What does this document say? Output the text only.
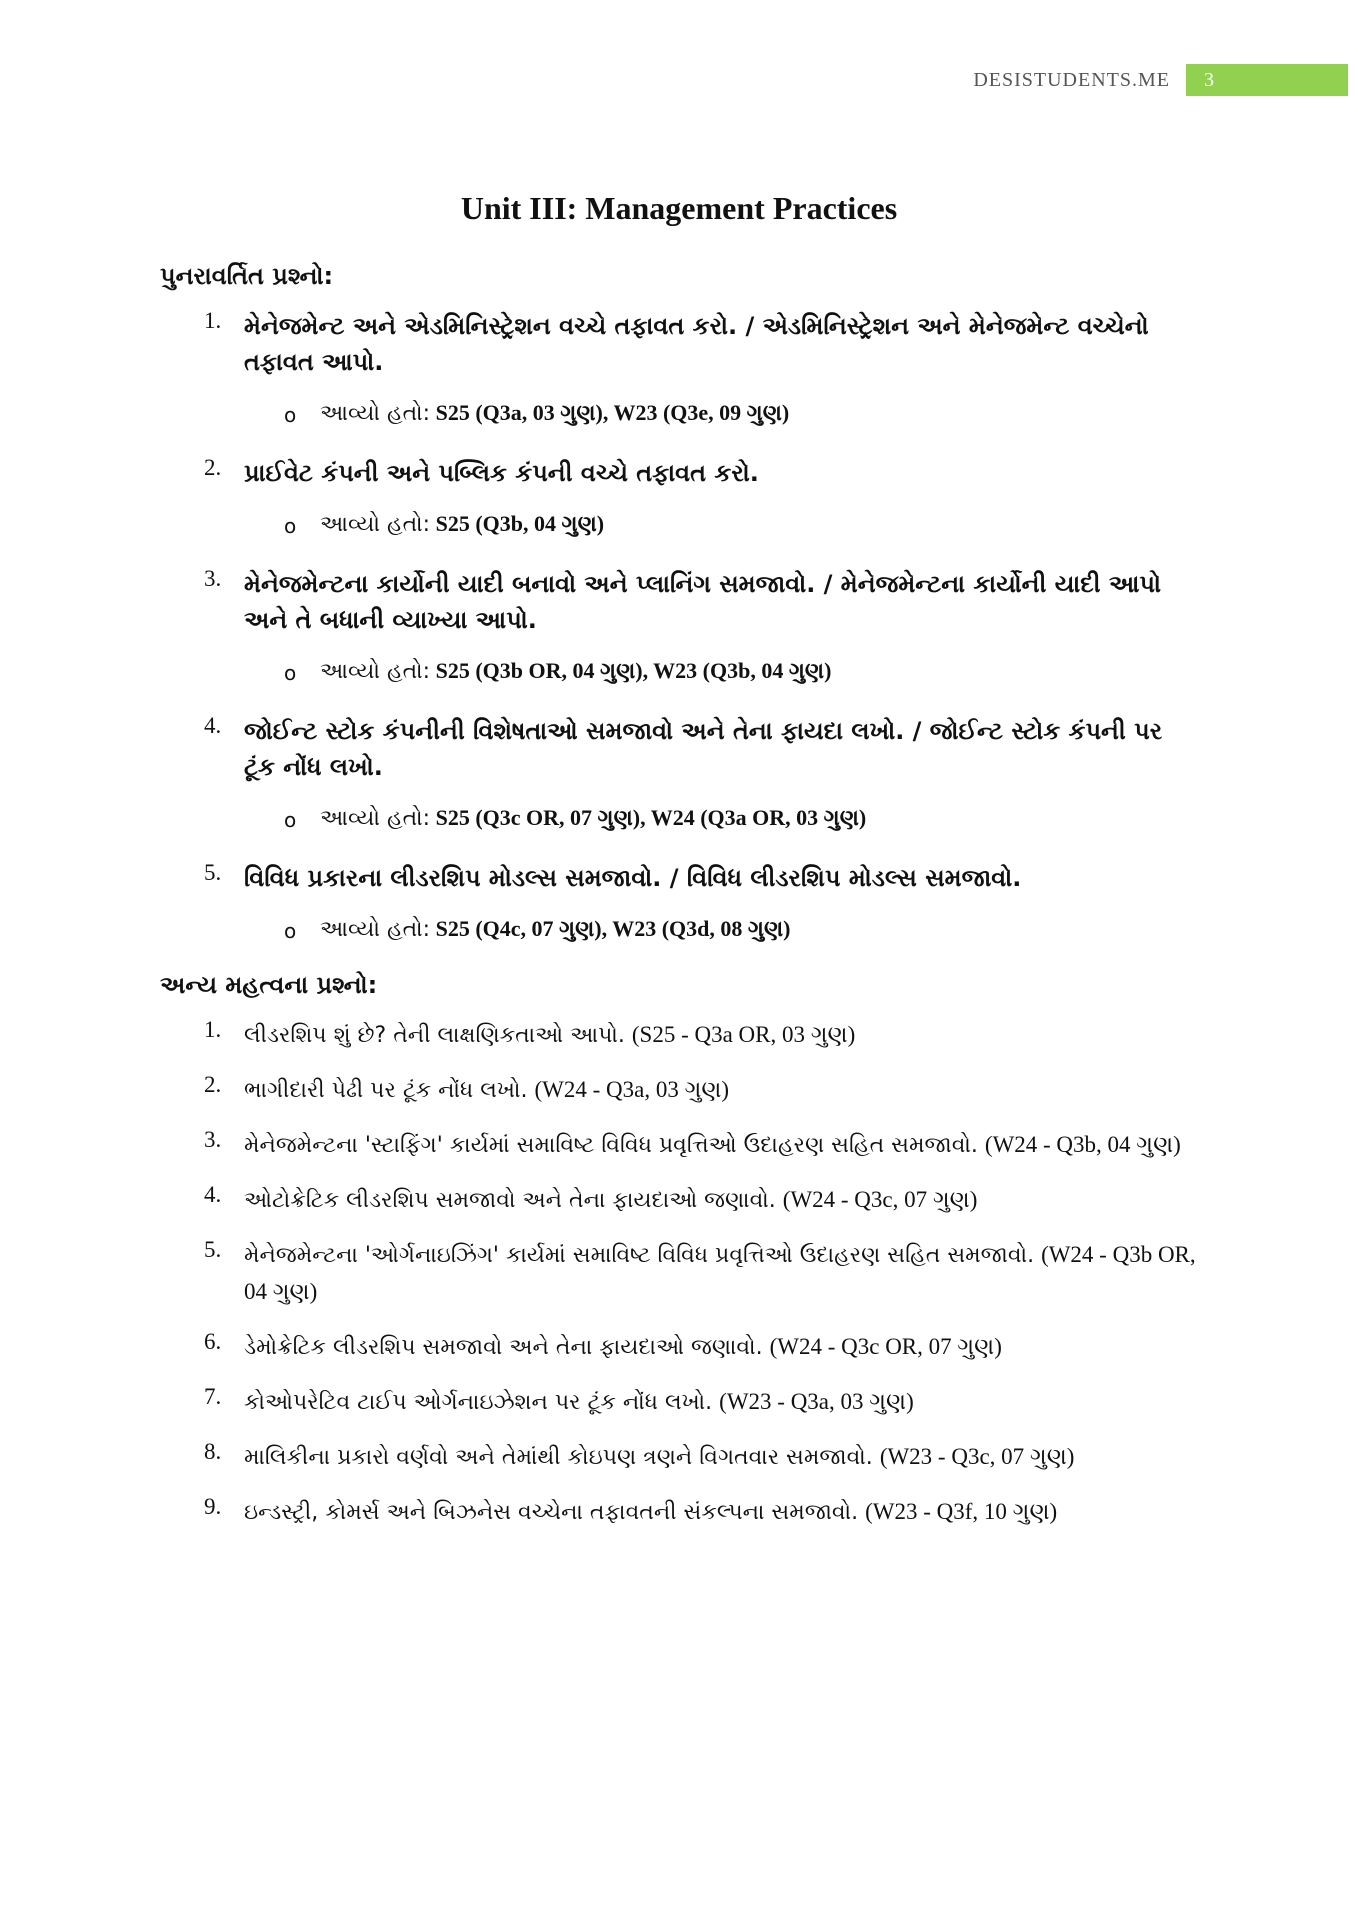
DESISTUDENTS.ME	3
Unit III: Management Practices
પુનરાવર્તિત પ્રશ્નો:
1. મેનેજમેન્ટ અને એડમિનિસ્ટ્રેશન વચ્ચે તફાવત કરો. / એડમિનિસ્ટ્રેશન અને મેનેજમેન્ટ વચ્ચેનો તફાવત આપો.
o આવ્યો હતો: S25 (Q3a, 03 ગુણ), W23 (Q3e, 09 ગુણ)
2. પ્રાઈવેટ કંપની અને પબ્લિક કંપની વચ્ચે તફાવત કરો.
o આવ્યો હતો: S25 (Q3b, 04 ગુણ)
3. મેનેજમેન્ટના કાર્યોની યાદી બનાવો અને પ્લાનિંગ સમજાવો. / મેનેજમેન્ટના કાર્યોની યાદી આપો અને તે બધાની વ્યાખ્યા આપો.
o આવ્યો હતો: S25 (Q3b OR, 04 ગુણ), W23 (Q3b, 04 ગુણ)
4. જોઈન્ટ સ્ટોક કંપનીની વિશેષતાઓ સમજાવો અને તેના ફાયદા લખો. / જોઈન્ટ સ્ટોક કંપની પર ટૂંક નોંધ લખો.
o આવ્યો હતો: S25 (Q3c OR, 07 ગુણ), W24 (Q3a OR, 03 ગુણ)
5. વિવિધ પ્રકારના લીડરશિપ મોડલ્સ સમજાવો. / વિવિધ લીડરશિપ મોડલ્સ સમજાવો.
o આવ્યો હતો: S25 (Q4c, 07 ગુણ), W23 (Q3d, 08 ગુણ)
અન્ય મહત્વના પ્રશ્નો:
1. લીડરશિપ શું છે? તેની લાક્ષણિકતાઓ આપો. (S25 - Q3a OR, 03 ગુણ)
2. ભાગીદારી પેઢી પર ટૂંક નોંધ લખો. (W24 - Q3a, 03 ગુણ)
3. મેનેજમેન્ટના 'સ્ટાફિંગ' કાર્યમાં સમાવિષ્ટ વિવિધ પ્રવૃત્તિઓ ઉદાહરણ સહિત સમજાવો. (W24 - Q3b, 04 ગુણ)
4. ઓટોક્રેટિક લીડરશિપ સમજાવો અને તેના ફાયદાઓ જણાવો. (W24 - Q3c, 07 ગુણ)
5. મેનેજમેન્ટના 'ઓર્ગનાઇઝિંગ' કાર્યમાં સમાવિષ્ટ વિવિધ પ્રવૃત્તિઓ ઉદાહરણ સહિત સમજાવો. (W24 - Q3b OR, 04 ગુણ)
6. ડેમોક્રેટિક લીડરશિપ સમજાવો અને તેના ફાયદાઓ જણાવો. (W24 - Q3c OR, 07 ગુણ)
7. કોઓપરેટિવ ટાઈપ ઓર્ગનાઇઝેશન પર ટૂંક નોંધ લખો. (W23 - Q3a, 03 ગુણ)
8. માલિકીના પ્રકારો વર્ણવો અને તેમાંથી કોઇપણ ત્રણને વિગતવાર સમજાવો. (W23 - Q3c, 07 ગુણ)
9. ઇન્ડસ્ટ્રી, કોમર્સ અને બિઝનેસ વચ્ચેના તફાવતની સંકલ્પના સમજાવો. (W23 - Q3f, 10 ગુણ)
